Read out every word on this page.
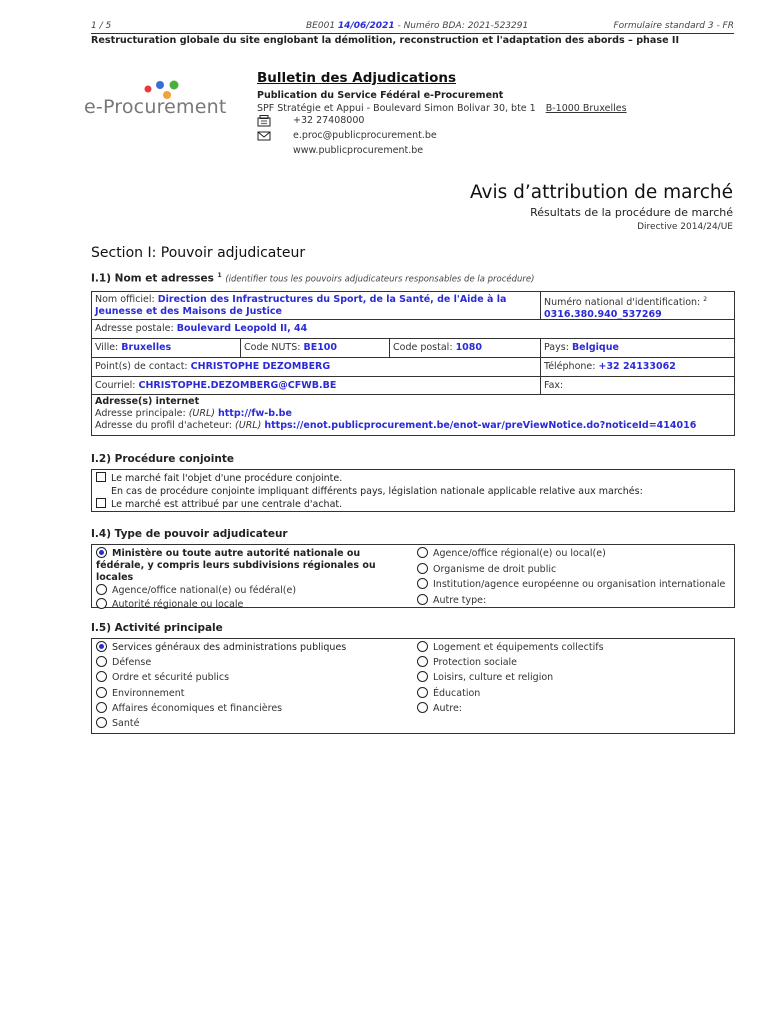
1 / 5	BE001 14/06/2021 - Numéro BDA: 2021-523291	Formulaire standard 3 - FR
Restructuration globale du site englobant la démolition, reconstruction et l'adaptation des abords – phase II
e-Procurement
Bulletin des Adjudications
Publication du Service Fédéral e-Procurement
SPF Stratégie et Appui - Boulevard Simon Bolivar 30, bte 1 B-1000 Bruxelles
+32 27408000
e.proc@publicprocurement.be
www.publicprocurement.be
Avis d’attribution de marché
Résultats de la procédure de marché
Directive 2014/24/UE
Section I: Pouvoir adjudicateur
I.1) Nom et adresses $^1$ (identifier tous les pouvoirs adjudicateurs responsables de la procédure)
Nom officiel: Direction des Infrastructures du Sport, de la Santé, de l'Aide à la Jeunesse et des Maisons de Justice
Numéro national d'identification: $^2$ 0316.380.940_537269
Adresse postale: Boulevard Leopold II, 44
Ville: Bruxelles	Code NUTS: BE100	Code postal: 1080	Pays: Belgique
Point(s) de contact: CHRISTOPHE DEZOMBERG	Téléphone: +32 24133062
Courriel: CHRISTOPHE.DEZOMBERG@CFWB.BE	Fax:
Adresse(s) internet
Adresse principale: (URL) http://fw-b.be
Adresse du profil d'acheteur: (URL) https://enot.publicprocurement.be/enot-war/preViewNotice.do?noticeId=414016
I.2) Procédure conjointe
Le marché fait l'objet d'une procédure conjointe.
En cas de procédure conjointe impliquant différents pays, législation nationale applicable relative aux marchés:
Le marché est attribué par une centrale d'achat.
I.4) Type de pouvoir adjudicateur
Ministère ou toute autre autorité nationale ou fédérale, y compris leurs subdivisions régionales ou locales
Agence/office national(e) ou fédéral(e)
Autorité régionale ou locale
Agence/office régional(e) ou local(e)
Organisme de droit public
Institution/agence européenne ou organisation internationale
Autre type:
I.5) Activité principale
Services généraux des administrations publiques
Défense
Ordre et sécurité publics
Environnement
Affaires économiques et financières
Santé
Logement et équipements collectifs
Protection sociale
Loisirs, culture et religion
Éducation
Autre:
